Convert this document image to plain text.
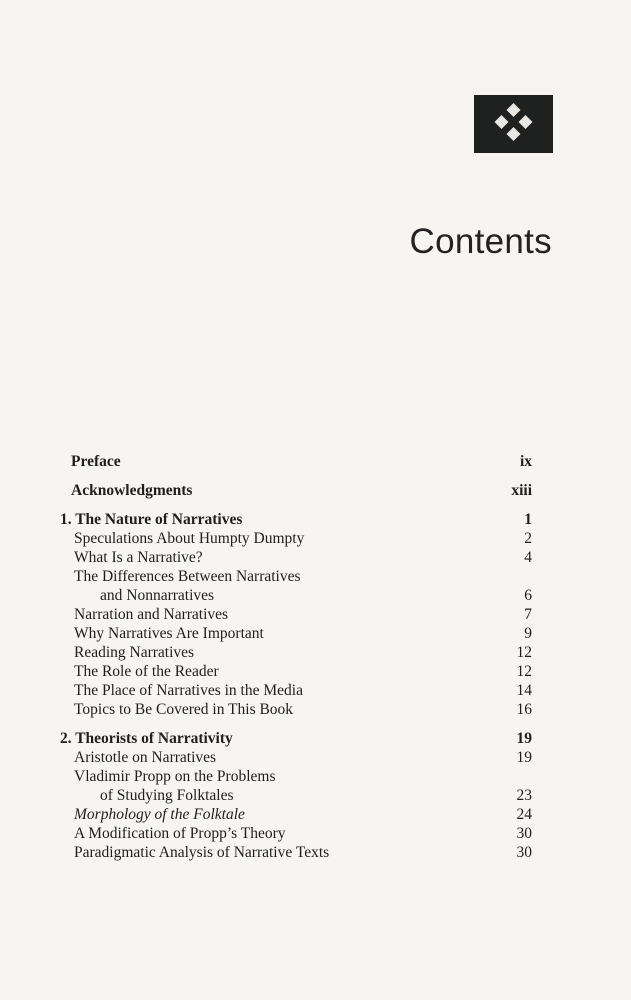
Contents
Preface	ix
Acknowledgments	xiii
1. The Nature of Narratives	1
Speculations About Humpty Dumpty	2
What Is a Narrative?	4
The Differences Between Narratives
and Nonnarratives	6
Narration and Narratives	7
Why Narratives Are Important	9
Reading Narratives	12
The Role of the Reader	12
The Place of Narratives in the Media	14
Topics to Be Covered in This Book	16
2. Theorists of Narrativity	19
Aristotle on Narratives	19
Vladimir Propp on the Problems
of Studying Folktales	23
Morphology of the Folktale	24
A Modification of Propp’s Theory	30
Paradigmatic Analysis of Narrative Texts	30
